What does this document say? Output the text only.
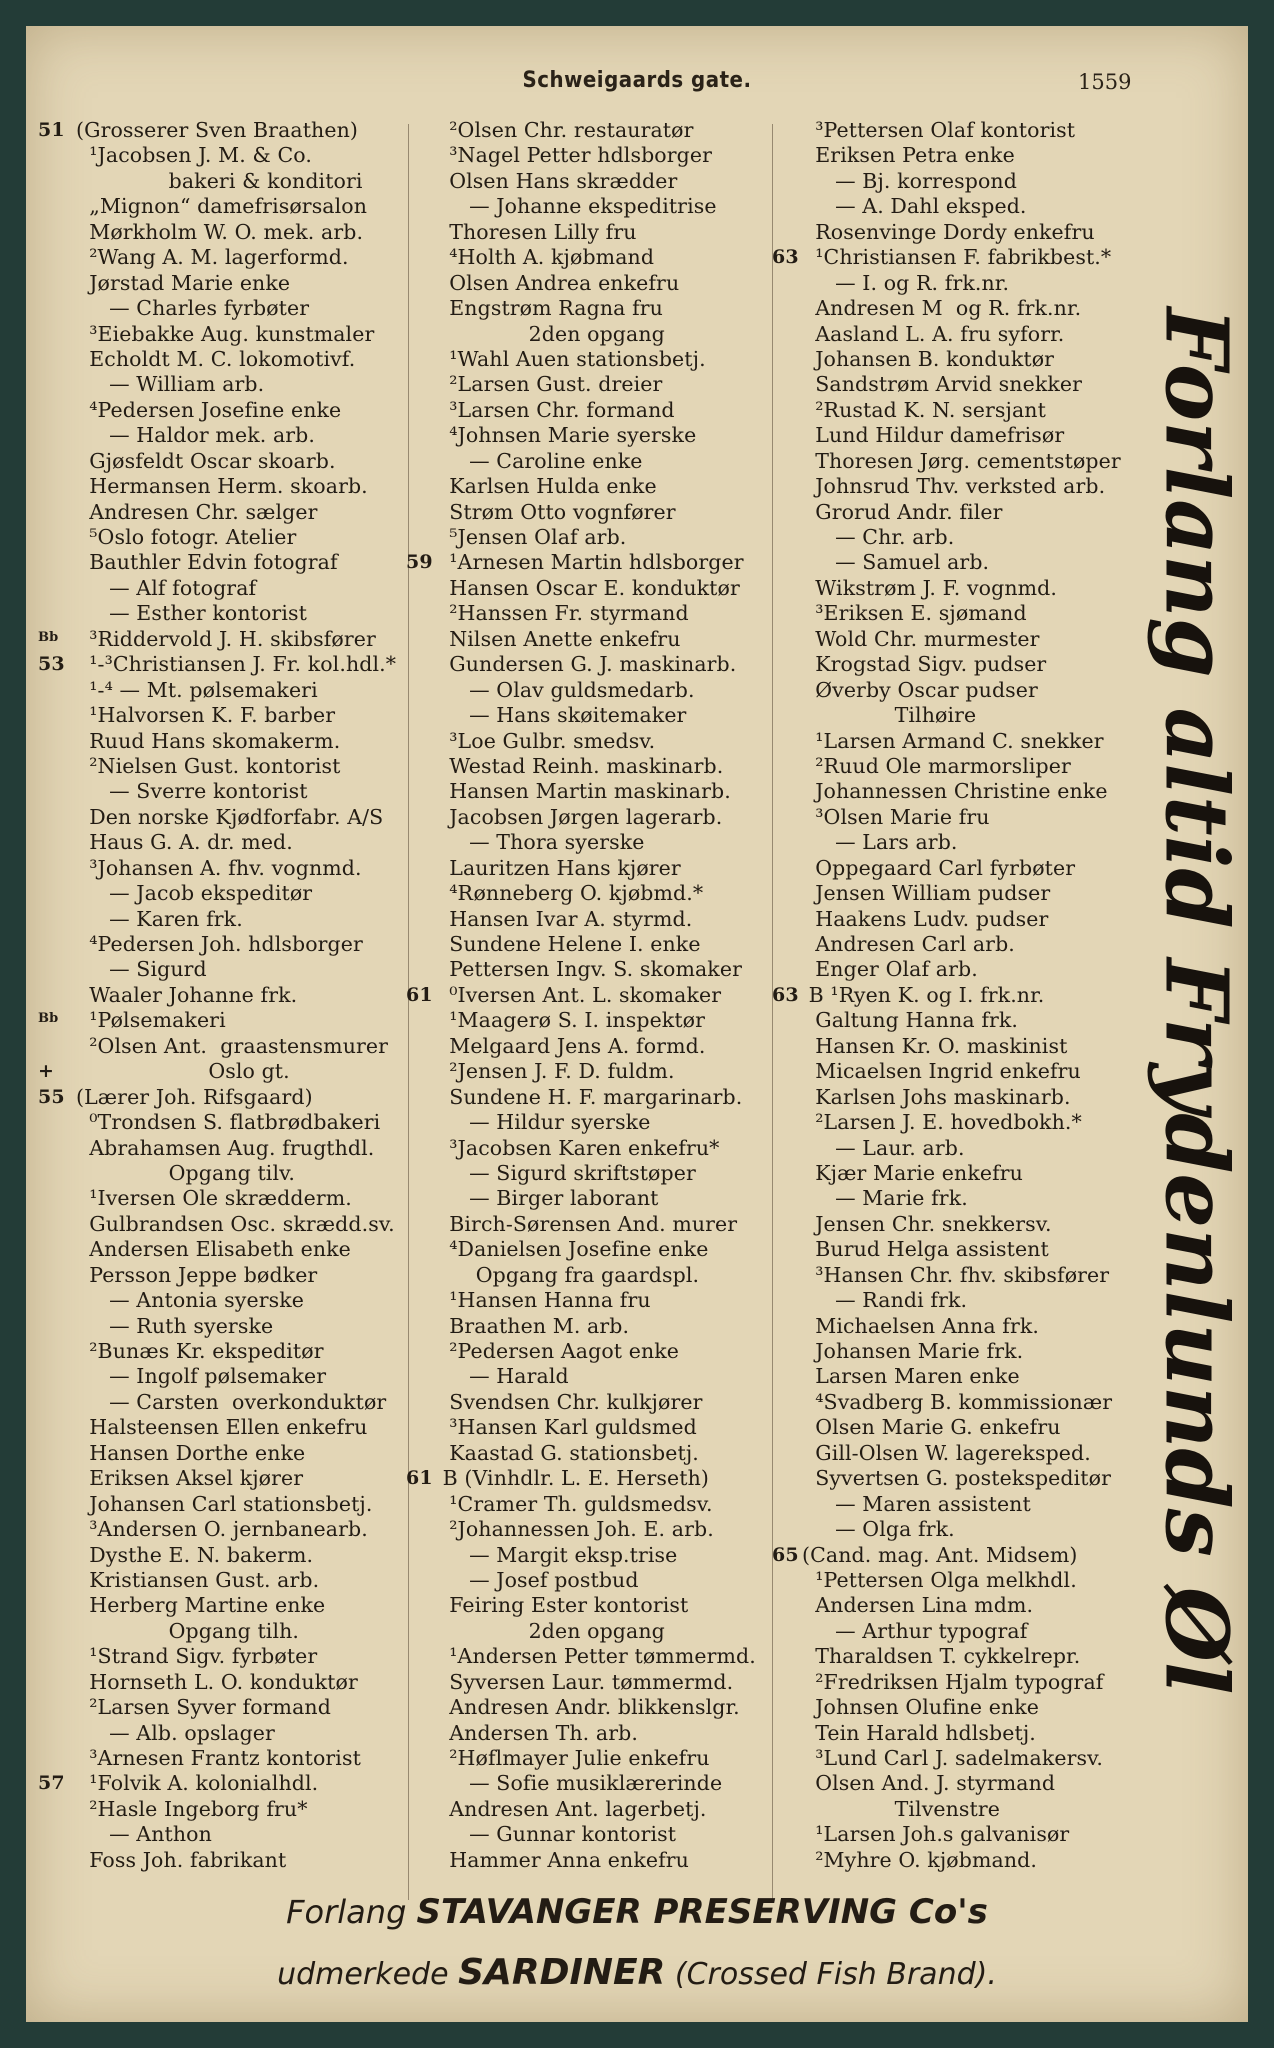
Schweigaards gate.	1559
51 (Grosserer Sven Braathen)
¹Jacobsen J. M. & Co.
bakeri & konditori
„Mignon“ damefrisørsalon
Mørkholm W. O. mek. arb.
²Wang A. M. lagerformd.
Jørstad Marie enke
— Charles fyrbøter
³Eiebakke Aug. kunstmaler
Echoldt M. C. lokomotivf.
— William arb.
⁴Pedersen Josefine enke
— Haldor mek. arb.
Gjøsfeldt Oscar skoarb.
Hermansen Herm. skoarb.
Andresen Chr. sælger
⁵Oslo fotogr. Atelier
Bauthler Edvin fotograf
— Alf fotograf
— Esther kontorist
Bb ³Riddervold J. H. skibsfører
53 ¹-³Christiansen J. Fr. kol.hdl.*
¹-⁴ — Mt. pølsemakeri
¹Halvorsen K. F. barber
Ruud Hans skomakerm.
²Nielsen Gust. kontorist
— Sverre kontorist
Den norske Kjødforfabr. A/S
Haus G. A. dr. med.
³Johansen A. fhv. vognmd.
— Jacob ekspeditør
— Karen frk.
⁴Pedersen Joh. hdlsborger
— Sigurd
Waaler Johanne frk.
Bb ¹Pølsemakeri
²Olsen Ant.  graastensmurer
+ Oslo gt.
55 (Lærer Joh. Rifsgaard)
⁰Trondsen S. flatbrødbakeri
Abrahamsen Aug. frugthdl.
Opgang tilv.
¹Iversen Ole skrædderm.
Gulbrandsen Osc. skrædd.sv.
Andersen Elisabeth enke
Persson Jeppe bødker
— Antonia syerske
— Ruth syerske
²Bunæs Kr. ekspeditør
— Ingolf pølsemaker
— Carsten  overkonduktør
Halsteensen Ellen enkefru
Hansen Dorthe enke
Eriksen Aksel kjører
Johansen Carl stationsbetj.
³Andersen O. jernbanearb.
Dysthe E. N. bakerm.
Kristiansen Gust. arb.
Herberg Martine enke
Opgang tilh.
¹Strand Sigv. fyrbøter
Hornseth L. O. konduktør
²Larsen Syver formand
— Alb. opslager
³Arnesen Frantz kontorist
57 ¹Folvik A. kolonialhdl.
²Hasle Ingeborg fru*
— Anthon
Foss Joh. fabrikant
²Olsen Chr. restauratør
³Nagel Petter hdlsborger
Olsen Hans skrædder
— Johanne ekspeditrise
Thoresen Lilly fru
⁴Holth A. kjøbmand
Olsen Andrea enkefru
Engstrøm Ragna fru
2den opgang
¹Wahl Auen stationsbetj.
²Larsen Gust. dreier
³Larsen Chr. formand
⁴Johnsen Marie syerske
— Caroline enke
Karlsen Hulda enke
Strøm Otto vognfører
⁵Jensen Olaf arb.
59 ¹Arnesen Martin hdlsborger
Hansen Oscar E. konduktør
²Hanssen Fr. styrmand
Nilsen Anette enkefru
Gundersen G. J. maskinarb.
— Olav guldsmedarb.
— Hans skøitemaker
³Loe Gulbr. smedsv.
Westad Reinh. maskinarb.
Hansen Martin maskinarb.
Jacobsen Jørgen lagerarb.
— Thora syerske
Lauritzen Hans kjører
⁴Rønneberg O. kjøbmd.*
Hansen Ivar A. styrmd.
Sundene Helene I. enke
Pettersen Ingv. S. skomaker
61 ⁰Iversen Ant. L. skomaker
¹Maagerø S. I. inspektør
Melgaard Jens A. formd.
²Jensen J. F. D. fuldm.
Sundene H. F. margarinarb.
— Hildur syerske
³Jacobsen Karen enkefru*
— Sigurd skriftstøper
— Birger laborant
Birch-Sørensen And. murer
⁴Danielsen Josefine enke
Opgang fra gaardspl.
¹Hansen Hanna fru
Braathen M. arb.
²Pedersen Aagot enke
— Harald
Svendsen Chr. kulkjører
³Hansen Karl guldsmed
Kaastad G. stationsbetj.
61 B (Vinhdlr. L. E. Herseth)
¹Cramer Th. guldsmedsv.
²Johannessen Joh. E. arb.
— Margit eksp.trise
— Josef postbud
Feiring Ester kontorist
2den opgang
¹Andersen Petter tømmermd.
Syversen Laur. tømmermd.
Andresen Andr. blikkenslgr.
Andersen Th. arb.
²Høflmayer Julie enkefru
— Sofie musiklærerinde
Andresen Ant. lagerbetj.
— Gunnar kontorist
Hammer Anna enkefru
³Pettersen Olaf kontorist
Eriksen Petra enke
— Bj. korrespond
— A. Dahl eksped.
Rosenvinge Dordy enkefru
63 ¹Christiansen F. fabrikbest.*
— I. og R. frk.nr.
Andresen M  og R. frk.nr.
Aasland L. A. fru syforr.
Johansen B. konduktør
Sandstrøm Arvid snekker
²Rustad K. N. sersjant
Lund Hildur damefrisør
Thoresen Jørg. cementstøper
Johnsrud Thv. verksted arb.
Grorud Andr. filer
— Chr. arb.
— Samuel arb.
Wikstrøm J. F. vognmd.
³Eriksen E. sjømand
Wold Chr. murmester
Krogstad Sigv. pudser
Øverby Oscar pudser
Tilhøire
¹Larsen Armand C. snekker
²Ruud Ole marmorsliper
Johannessen Christine enke
³Olsen Marie fru
— Lars arb.
Oppegaard Carl fyrbøter
Jensen William pudser
Haakens Ludv. pudser
Andresen Carl arb.
Enger Olaf arb.
63 B ¹Ryen K. og I. frk.nr.
Galtung Hanna frk.
Hansen Kr. O. maskinist
Micaelsen Ingrid enkefru
Karlsen Johs maskinarb.
²Larsen J. E. hovedbokh.*
— Laur. arb.
Kjær Marie enkefru
— Marie frk.
Jensen Chr. snekkersv.
Burud Helga assistent
³Hansen Chr. fhv. skibsfører
— Randi frk.
Michaelsen Anna frk.
Johansen Marie frk.
Larsen Maren enke
⁴Svadberg B. kommissionær
Olsen Marie G. enkefru
Gill-Olsen W. lagereksped.
Syvertsen G. postekspeditør
— Maren assistent
— Olga frk.
65 (Cand. mag. Ant. Midsem)
¹Pettersen Olga melkhdl.
Andersen Lina mdm.
— Arthur typograf
Tharaldsen T. cykkelrepr.
²Fredriksen Hjalm typograf
Johnsen Olufine enke
Tein Harald hdlsbetj.
³Lund Carl J. sadelmakersv.
Olsen And. J. styrmand
Tilvenstre
¹Larsen Joh.s galvanisør
²Myhre O. kjøbmand.
Forlang altid Frydenlunds Øl
Forlang STAVANGER PRESERVING Co's
udmerkede SARDINER (Crossed Fish Brand).
